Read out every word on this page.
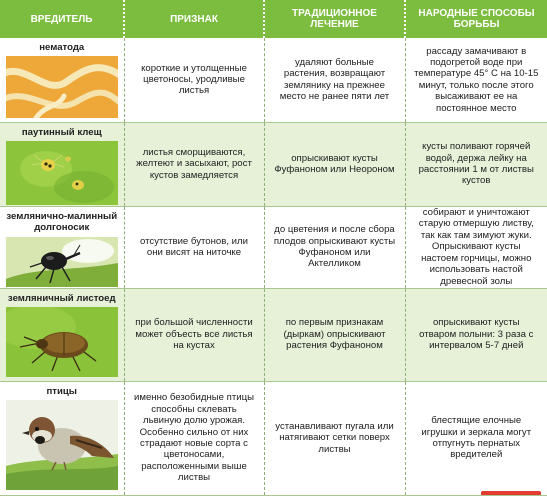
ВРЕДИТЕЛЬ	ПРИЗНАК	ТРАДИЦИОННОЕ ЛЕЧЕНИЕ	НАРОДНЫЕ СПОСОБЫ БОРЬБЫ

нематода	короткие и утолщенные цветоносы, уродливые листья	удаляют больные растения, возвращают землянику на прежнее место не ранее пяти лет	рассаду замачивают в подогретой воде при температуре 45° С на 10-15 минут, только после этого высаживают ее на постоянное место

паутинный клещ	листья сморщиваются, желтеют и засыхают, рост кустов замедляется	опрыскивают кусты Фуфаноном или Неороном	кусты поливают горячей водой, держа лейку на расстоянии 1 м от листвы кустов

землянично-малинный долгоносик	отсутствие бутонов, или они висят на ниточке	до цветения и после сбора плодов опрыскивают кусты Фуфаноном или Актелликом	собирают и уничтожают старую отмершую листву, так как там зимуют жуки. Опрыскивают кусты настоем горчицы, можно использовать настой древесной золы

земляничный листоед	при большой численности может объесть все листья на кустах	по первым признакам (дыркам) опрыскивают растения Фуфаноном	опрыскивают кусты отваром полыни: 3 раза с интервалом 5-7 дней

птицы	именно безобидные птицы способны склевать львиную долю урожая. Особенно сильно от них страдают новые сорта с цветоносами, расположенными выше листвы	устанавливают пугала или натягивают сетки поверх листвы	блестящие елочные игрушки и зеркала могут отпугнуть пернатых вредителей
